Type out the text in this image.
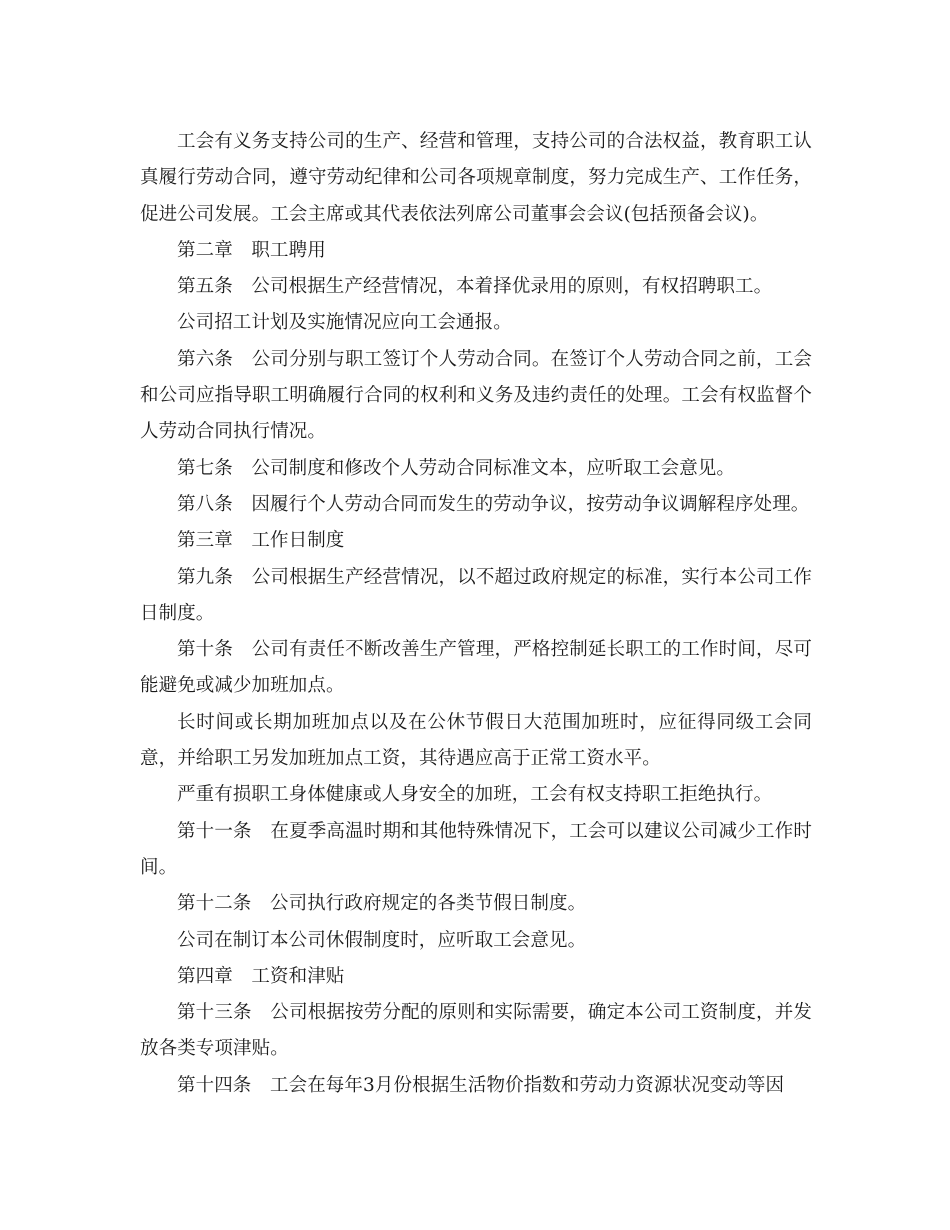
工会有义务支持公司的生产、经营和管理，支持公司的合法权益，教育职工认真履行劳动合同，遵守劳动纪律和公司各项规章制度，努力完成生产、工作任务，促进公司发展。工会主席或其代表依法列席公司董事会会议(包括预备会议)。

第二章　职工聘用

第五条　公司根据生产经营情况，本着择优录用的原则，有权招聘职工。

公司招工计划及实施情况应向工会通报。

第六条　公司分别与职工签订个人劳动合同。在签订个人劳动合同之前，工会和公司应指导职工明确履行合同的权利和义务及违约责任的处理。工会有权监督个人劳动合同执行情况。

第七条　公司制度和修改个人劳动合同标准文本，应听取工会意见。

第八条　因履行个人劳动合同而发生的劳动争议，按劳动争议调解程序处理。

第三章　工作日制度

第九条　公司根据生产经营情况，以不超过政府规定的标准，实行本公司工作日制度。

第十条　公司有责任不断改善生产管理，严格控制延长职工的工作时间，尽可能避免或减少加班加点。

长时间或长期加班加点以及在公休节假日大范围加班时，应征得同级工会同意，并给职工另发加班加点工资，其待遇应高于正常工资水平。

严重有损职工身体健康或人身安全的加班，工会有权支持职工拒绝执行。

第十一条　在夏季高温时期和其他特殊情况下，工会可以建议公司减少工作时间。

第十二条　公司执行政府规定的各类节假日制度。

公司在制订本公司休假制度时，应听取工会意见。

第四章　工资和津贴

第十三条　公司根据按劳分配的原则和实际需要，确定本公司工资制度，并发放各类专项津贴。

第十四条　工会在每年3月份根据生活物价指数和劳动力资源状况变动等因
